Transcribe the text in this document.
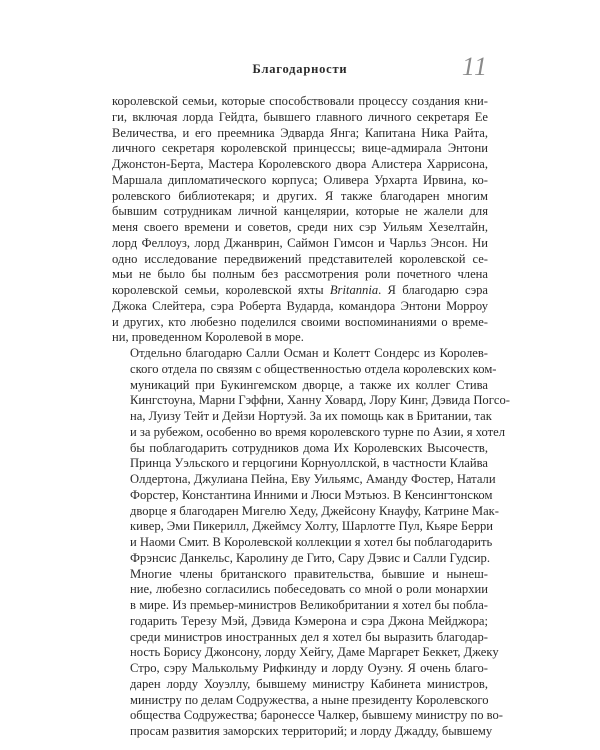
Благодарности	11

королевской семьи, которые способствовали процессу создания кни-
ги, включая лорда Гейдта, бывшего главного личного секретаря Ее
Величества, и его преемника Эдварда Янга; Капитана Ника Райта,
личного секретаря королевской принцессы; вице-адмирала Энтони
Джонстон-Берта, Мастера Королевского двора Алистера Харрисона,
Маршала дипломатического корпуса; Оливера Урхарта Ирвина, ко-
ролевского библиотекаря; и других. Я также благодарен многим
бывшим сотрудникам личной канцелярии, которые не жалели для
меня своего времени и советов, среди них сэр Уильям Хезелтайн,
лорд Феллоуз, лорд Джанврин, Саймон Гимсон и Чарльз Энсон. Ни
одно исследование передвижений представителей королевской се-
мьи не было бы полным без рассмотрения роли почетного члена
королевской семьи, королевской яхты Britannia. Я благодарю сэра
Джока Слейтера, сэра Роберта Вударда, командора Энтони Морроу
и других, кто любезно поделился своими воспоминаниями о време-
ни, проведенном Королевой в море.

Отдельно благодарю Салли Осман и Колетт Сондерс из Королев-
ского отдела по связям с общественностью отдела королевских ком-
муникаций при Букингемском дворце, а также их коллег Стива
Кингстоуна, Марни Гэффни, Ханну Ховард, Лору Кинг, Дэвида Погсо-
на, Луизу Тейт и Дейзи Нортуэй. За их помощь как в Британии, так
и за рубежом, особенно во время королевского турне по Азии, я хотел
бы поблагодарить сотрудников дома Их Королевских Высочеств,
Принца Уэльского и герцогини Корнуоллской, в частности Клайва
Олдертона, Джулиана Пейна, Еву Уильямс, Аманду Фостер, Натали
Форстер, Константина Инними и Люси Мэтьюз. В Кенсингтонском
дворце я благодарен Мигелю Хеду, Джейсону Кнауфу, Катрине Мак-
кивер, Эми Пикерилл, Джеймсу Холту, Шарлотте Пул, Кьяре Берри
и Наоми Смит. В Королевской коллекции я хотел бы поблагодарить
Фрэнсис Данкельс, Каролину де Гито, Сару Дэвис и Салли Гудсир.

Многие члены британского правительства, бывшие и нынеш-
ние, любезно согласились побеседовать со мной о роли монархии
в мире. Из премьер-министров Великобритании я хотел бы побла-
годарить Терезу Мэй, Дэвида Кэмерона и сэра Джона Мейджора;
среди министров иностранных дел я хотел бы выразить благодар-
ность Борису Джонсону, лорду Хейгу, Даме Маргарет Беккет, Джеку
Стро, сэру Малькольму Рифкинду и лорду Оуэну. Я очень благо-
дарен лорду Хоуэллу, бывшему министру Кабинета министров,
министру по делам Содружества, а ныне президенту Королевского
общества Содружества; баронессе Чалкер, бывшему министру по во-
просам развития заморских территорий; и лорду Джадду, бывшему
